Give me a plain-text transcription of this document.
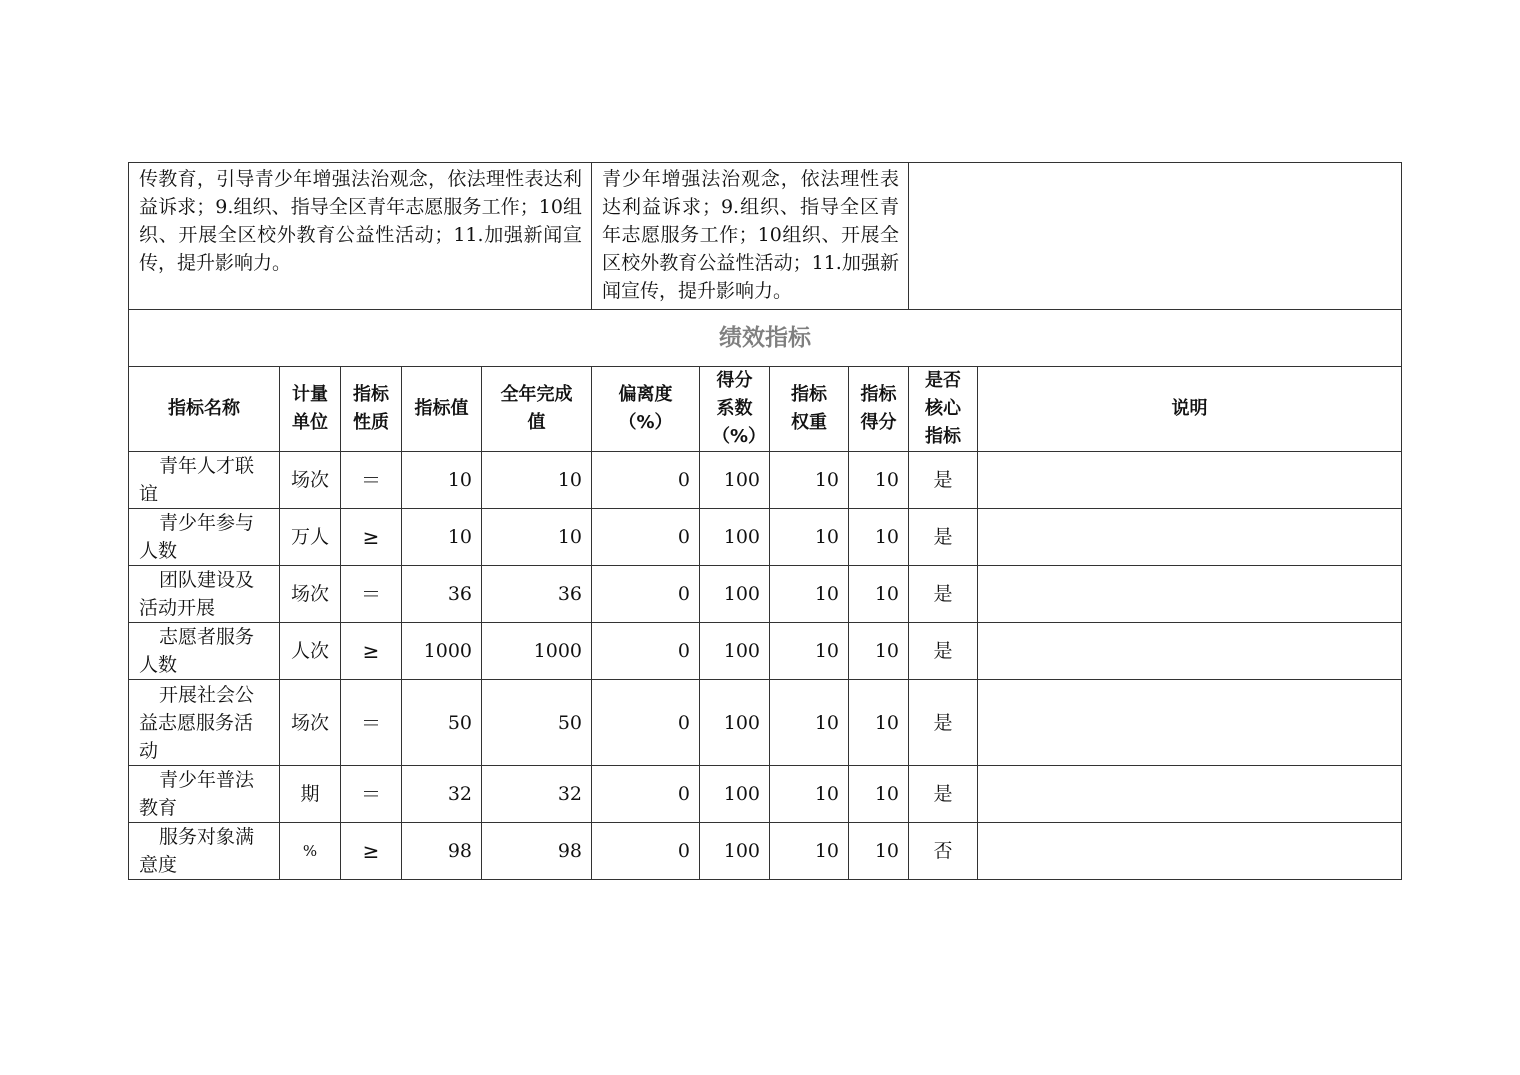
传教育，引导青少年增强法治观念，依法理性表达利益诉求；9.组织、指导全区青年志愿服务工作；10组织、开展全区校外教育公益性活动；11.加强新闻宣传，提升影响力。					青少年增强法治观念，依法理性表达利益诉求；9.组织、指导全区青年志愿服务工作；10组织、开展全区校外教育公益性活动；11.加强新闻宣传，提升影响力。					
绩效指标										
指标名称	计量单位	指标性质	指标值	全年完成值	偏离度（%）	得分系数（%）	指标权重	指标得分	是否核心指标	说明
青年人才联谊	场次	＝	10	10	0	100	10	10	是	
青少年参与人数	万人	≥	10	10	0	100	10	10	是	
团队建设及活动开展	场次	＝	36	36	0	100	10	10	是	
志愿者服务人数	人次	≥	1000	1000	0	100	10	10	是	
开展社会公益志愿服务活动	场次	＝	50	50	0	100	10	10	是	
青少年普法教育	期	＝	32	32	0	100	10	10	是	
服务对象满意度	%	≥	98	98	0	100	10	10	否	
